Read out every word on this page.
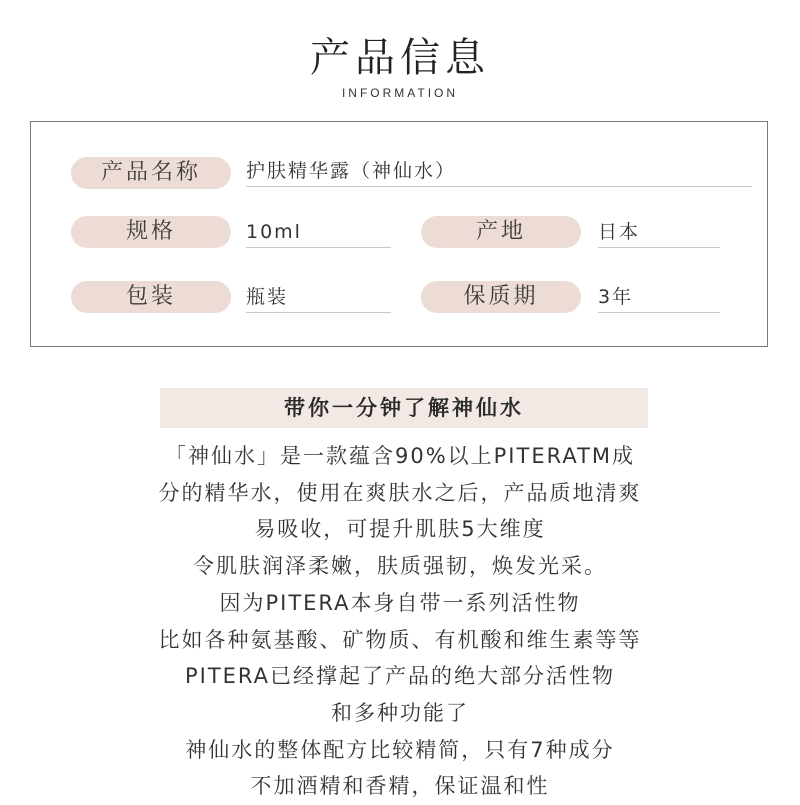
产品信息
INFORMATION
产品名称	护肤精华露（神仙水）
规格	10ml	产地	日本
包装	瓶装	保质期	3年
带你一分钟了解神仙水
「神仙水」是一款蕴含90%以上PITERATM成
分的精华水，使用在爽肤水之后，产品质地清爽
易吸收，可提升肌肤5大维度
令肌肤润泽柔嫩，肤质强韧，焕发光采。
因为PITERA本身自带一系列活性物
比如各种氨基酸、矿物质、有机酸和维生素等等
PITERA已经撑起了产品的绝大部分活性物
和多种功能了
神仙水的整体配方比较精简，只有7种成分
不加酒精和香精，保证温和性
